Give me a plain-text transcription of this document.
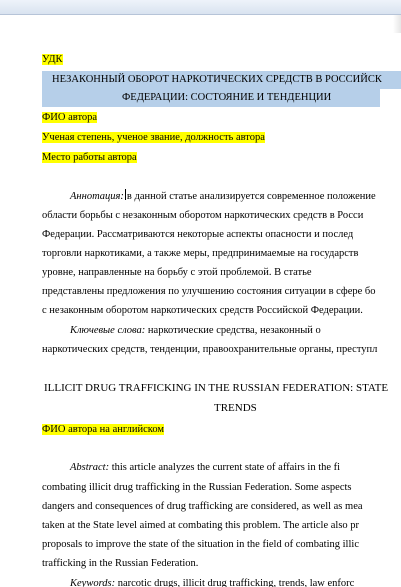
УДК
НЕЗАКОННЫЙ ОБОРОТ НАРКОТИЧЕСКИХ СРЕДСТВ В РОССИЙСК
ФЕДЕРАЦИИ: СОСТОЯНИЕ И ТЕНДЕНЦИИ
ФИО автора
Ученая степень, ученое звание, должность автора
Место работы автора
Аннотация: в данной статье анализируется современное положение
области борьбы с незаконным оборотом наркотических средств в Росси
Федерации. Рассматриваются некоторые аспекты опасности и послед
торговли наркотиками, а также меры, предпринимаемые на государств
уровне, направленные на борьбу с этой проблемой. В статье
представлены предложения по улучшению состояния ситуации в сфере бо
с незаконным оборотом наркотических средств Российской Федерации.
Ключевые слова: наркотические средства, незаконный о
наркотических средств, тенденции, правоохранительные органы, преступл
ILLICIT DRUG TRAFFICKING IN THE RUSSIAN FEDERATION: STATE
TRENDS
ФИО автора на английском
Abstract: this article analyzes the current state of affairs in the fi
combating illicit drug trafficking in the Russian Federation. Some aspects
dangers and consequences of drug trafficking are considered, as well as mea
taken at the State level aimed at combating this problem. The article also pr
proposals to improve the state of the situation in the field of combating illic
trafficking in the Russian Federation.
Keywords: narcotic drugs, illicit drug trafficking, trends, law enforc
